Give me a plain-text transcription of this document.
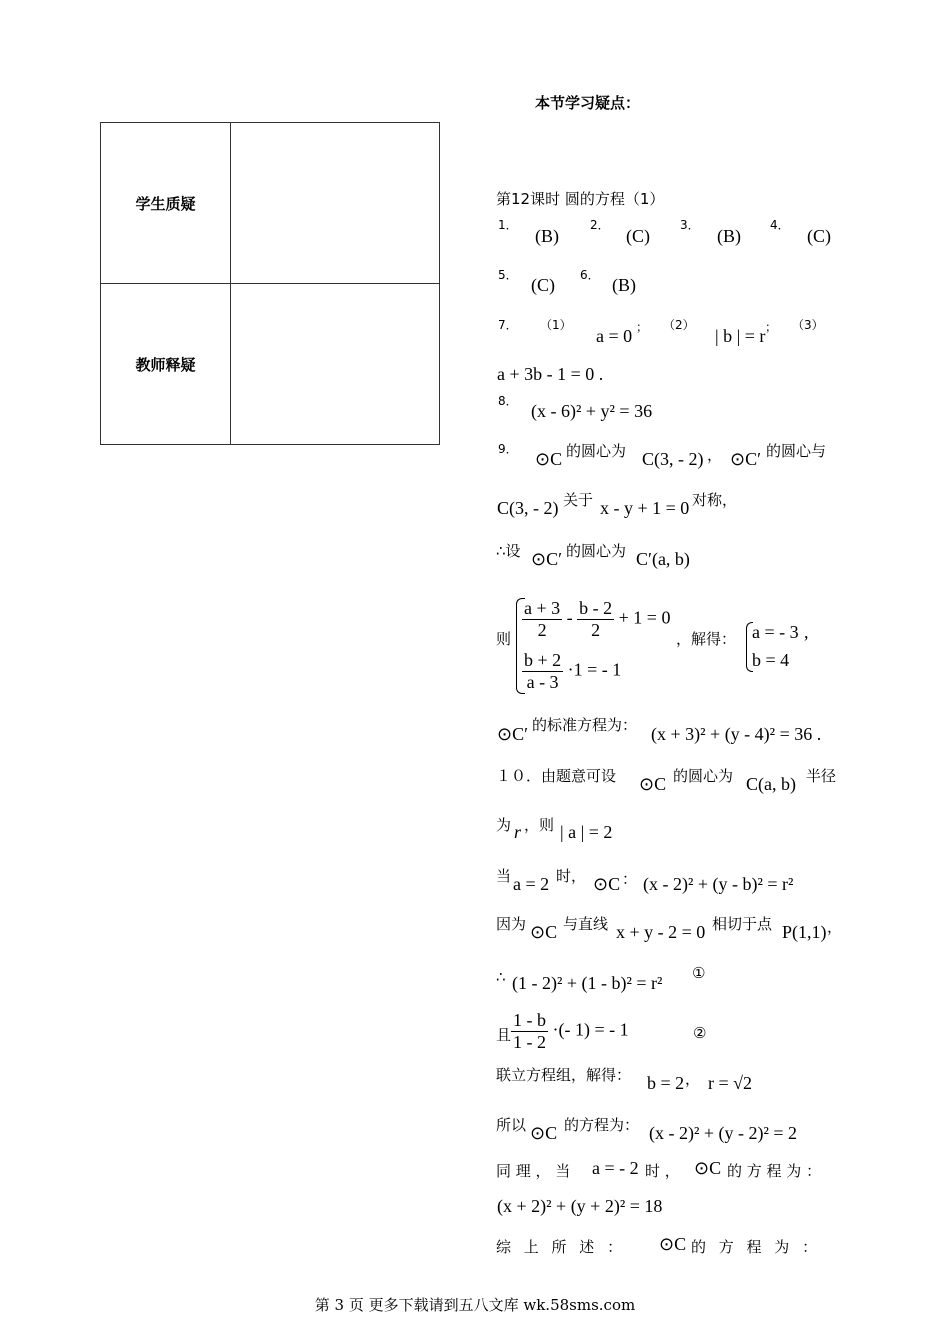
本节学习疑点：
学生质疑	
教师释疑	
第12课时 圆的方程（1）
1．
(B)
2．
(C)
3．
(B)
4．
(C)
5． (C) 6． (B)
7． （1）
a = 0 ； （2）
| b | = r ； （3）
a + 3b - 1 = 0 .
8． (x - 6)² + y² = 36
9． ⊙C 的圆心为 C(3, - 2) ， ⊙C′ 的圆心与
C(3, - 2) 关于 x - y + 1 = 0 对称，
∴设 ⊙C′ 的圆心为 C′(a, b)
则 $\frac{a + 3}{2} - \frac{b - 2}{2} + 1 = 0$
$\frac{b + 2}{a - 3} \cdot 1$ = - 1
，解得： a = - 3 ,
b = 4
⊙C′ 的标准方程为： (x + 3)² + (y - 4)² = 36 .
１０．由题意可设 ⊙C 的圆心为 C(a, b) 半径
为 r ，则 | a | = 2
当 a = 2 时， ⊙C ： (x - 2)² + (y - b)² = r²
因为 ⊙C 与直线 x + y - 2 = 0 相切于点 P(1,1) ，
∴ (1 - 2)² + (1 - b)² = r² ①
且 $\frac{1 - b}{1 - 2}$ ·(- 1) = - 1	②
联立方程组，解得： b = 2 ， r = √2
所以 ⊙C 的方程为： (x - 2)² + (y - 2)² = 2
同 理 ， 当 a = - 2 时 ， ⊙C 的 方 程 为 ：
(x + 2)² + (y + 2)² = 18
综 上 所 述 ： ⊙C 的 方 程 为 ：
第 3 页 更多下载请到五八文库 wk.58sms.com
